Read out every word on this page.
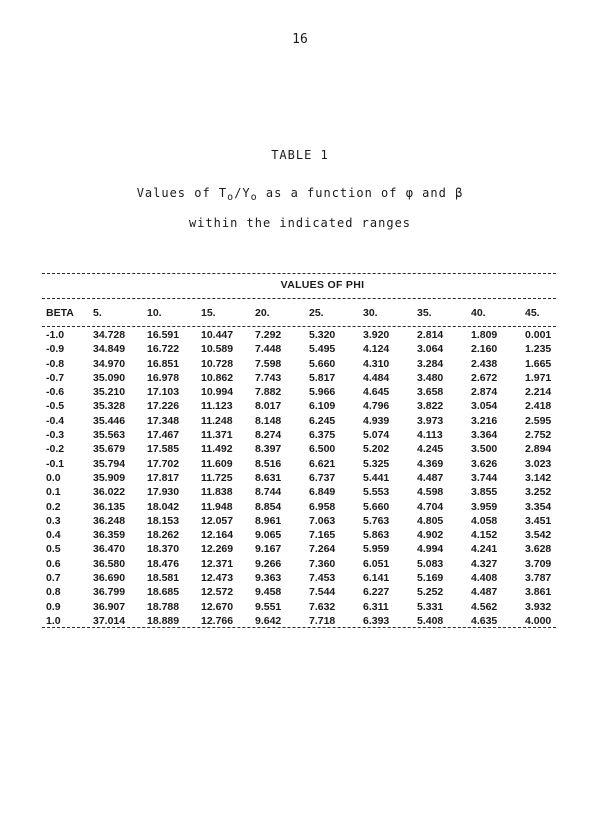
16
TABLE 1
Values of $T_o/Y_o$ as a function of φ and β
within the indicated ranges
VALUES OF PHI
BETA	5.	10.	15.	20.	25.	30.	35.	40.	45.
-1.0	34.728	16.591	10.447	7.292	5.320	3.920	2.814	1.809	0.001
-0.9	34.849	16.722	10.589	7.448	5.495	4.124	3.064	2.160	1.235
-0.8	34.970	16.851	10.728	7.598	5.660	4.310	3.284	2.438	1.665
-0.7	35.090	16.978	10.862	7.743	5.817	4.484	3.480	2.672	1.971
-0.6	35.210	17.103	10.994	7.882	5.966	4.645	3.658	2.874	2.214
-0.5	35.328	17.226	11.123	8.017	6.109	4.796	3.822	3.054	2.418
-0.4	35.446	17.348	11.248	8.148	6.245	4.939	3.973	3.216	2.595
-0.3	35.563	17.467	11.371	8.274	6.375	5.074	4.113	3.364	2.752
-0.2	35.679	17.585	11.492	8.397	6.500	5.202	4.245	3.500	2.894
-0.1	35.794	17.702	11.609	8.516	6.621	5.325	4.369	3.626	3.023
0.0	35.909	17.817	11.725	8.631	6.737	5.441	4.487	3.744	3.142
0.1	36.022	17.930	11.838	8.744	6.849	5.553	4.598	3.855	3.252
0.2	36.135	18.042	11.948	8.854	6.958	5.660	4.704	3.959	3.354
0.3	36.248	18.153	12.057	8.961	7.063	5.763	4.805	4.058	3.451
0.4	36.359	18.262	12.164	9.065	7.165	5.863	4.902	4.152	3.542
0.5	36.470	18.370	12.269	9.167	7.264	5.959	4.994	4.241	3.628
0.6	36.580	18.476	12.371	9.266	7.360	6.051	5.083	4.327	3.709
0.7	36.690	18.581	12.473	9.363	7.453	6.141	5.169	4.408	3.787
0.8	36.799	18.685	12.572	9.458	7.544	6.227	5.252	4.487	3.861
0.9	36.907	18.788	12.670	9.551	7.632	6.311	5.331	4.562	3.932
1.0	37.014	18.889	12.766	9.642	7.718	6.393	5.408	4.635	4.000
